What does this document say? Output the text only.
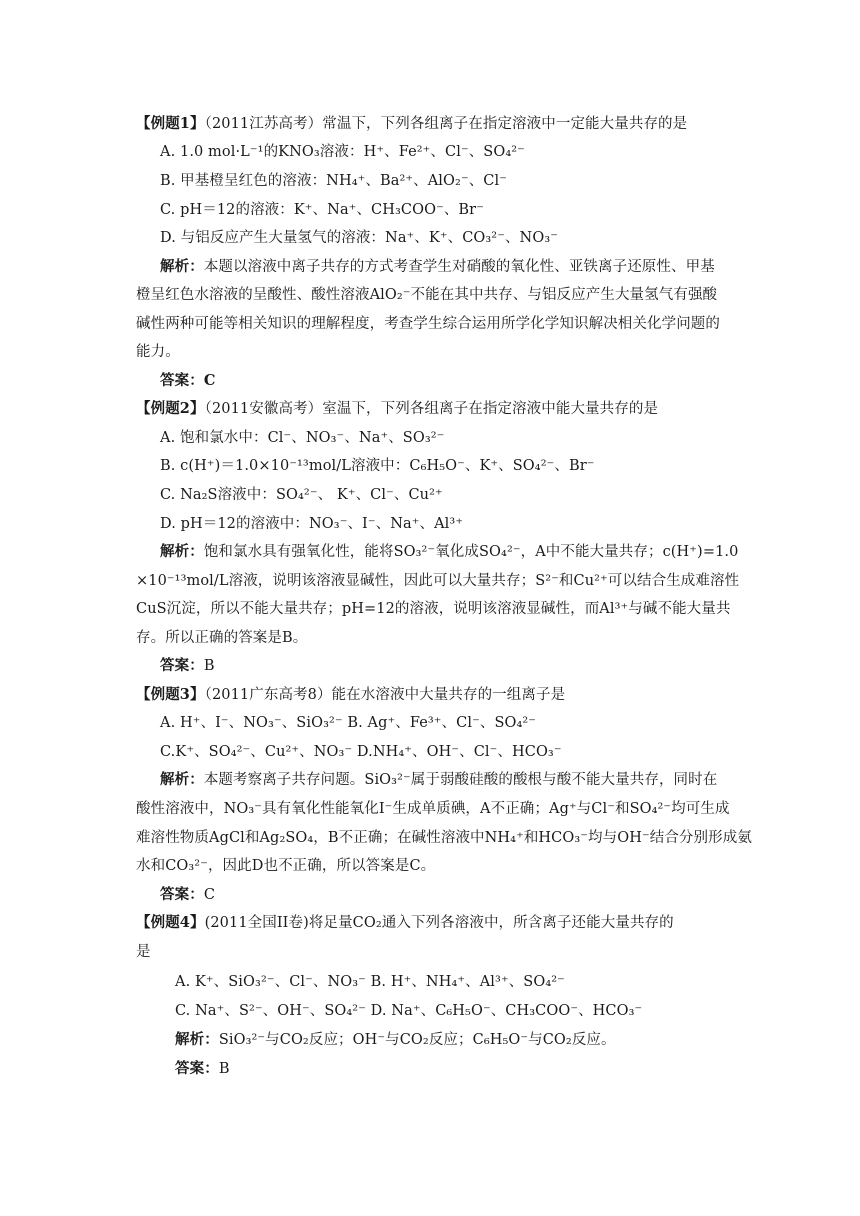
【例题1】（2011江苏高考）常温下，下列各组离子在指定溶液中一定能大量共存的是
A. 1.0 mol·L⁻¹的KNO₃溶液：H⁺、Fe²⁺、Cl⁻、SO₄²⁻
B. 甲基橙呈红色的溶液：NH₄⁺、Ba²⁺、AlO₂⁻、Cl⁻
C. pH＝12的溶液：K⁺、Na⁺、CH₃COO⁻、Br⁻
D. 与铝反应产生大量氢气的溶液：Na⁺、K⁺、CO₃²⁻、NO₃⁻
解析：本题以溶液中离子共存的方式考查学生对硝酸的氧化性、亚铁离子还原性、甲基
橙呈红色水溶液的呈酸性、酸性溶液AlO₂⁻不能在其中共存、与铝反应产生大量氢气有强酸
碱性两种可能等相关知识的理解程度，考查学生综合运用所学化学知识解决相关化学问题的
能力。
答案：C
【例题2】（2011安徽高考）室温下，下列各组离子在指定溶液中能大量共存的是
A. 饱和氯水中：Cl⁻、NO₃⁻、Na⁺、SO₃²⁻
B. c(H⁺)＝1.0×10⁻¹³mol/L溶液中：C₆H₅O⁻、K⁺、SO₄²⁻、Br⁻
C. Na₂S溶液中：SO₄²⁻、 K⁺、Cl⁻、Cu²⁺
D. pH＝12的溶液中：NO₃⁻、I⁻、Na⁺、Al³⁺
解析：饱和氯水具有强氧化性，能将SO₃²⁻氧化成SO₄²⁻，A中不能大量共存；c(H⁺)=1.0
×10⁻¹³mol/L溶液，说明该溶液显碱性，因此可以大量共存；S²⁻和Cu²⁺可以结合生成难溶性
CuS沉淀，所以不能大量共存；pH=12的溶液，说明该溶液显碱性，而Al³⁺与碱不能大量共
存。所以正确的答案是B。
答案：B
【例题3】（2011广东高考8）能在水溶液中大量共存的一组离子是
A. H⁺、I⁻、NO₃⁻、SiO₃²⁻ B. Ag⁺、Fe³⁺、Cl⁻、SO₄²⁻
C.K⁺、SO₄²⁻、Cu²⁺、NO₃⁻ D.NH₄⁺、OH⁻、Cl⁻、HCO₃⁻
解析：本题考察离子共存问题。SiO₃²⁻属于弱酸硅酸的酸根与酸不能大量共存，同时在
酸性溶液中，NO₃⁻具有氧化性能氧化I⁻生成单质碘，A不正确；Ag⁺与Cl⁻和SO₄²⁻均可生成
难溶性物质AgCl和Ag₂SO₄，B不正确；在碱性溶液中NH₄⁺和HCO₃⁻均与OH⁻结合分别形成氨
水和CO₃²⁻，因此D也不正确，所以答案是C。
答案：C
【例题4】(2011全国II卷)将足量CO₂通入下列各溶液中，所含离子还能大量共存的
是
A. K⁺、SiO₃²⁻、Cl⁻、NO₃⁻ B. H⁺、NH₄⁺、Al³⁺、SO₄²⁻
C. Na⁺、S²⁻、OH⁻、SO₄²⁻ D. Na⁺、C₆H₅O⁻、CH₃COO⁻、HCO₃⁻
解析：SiO₃²⁻与CO₂反应；OH⁻与CO₂反应；C₆H₅O⁻与CO₂反应。
答案：B
